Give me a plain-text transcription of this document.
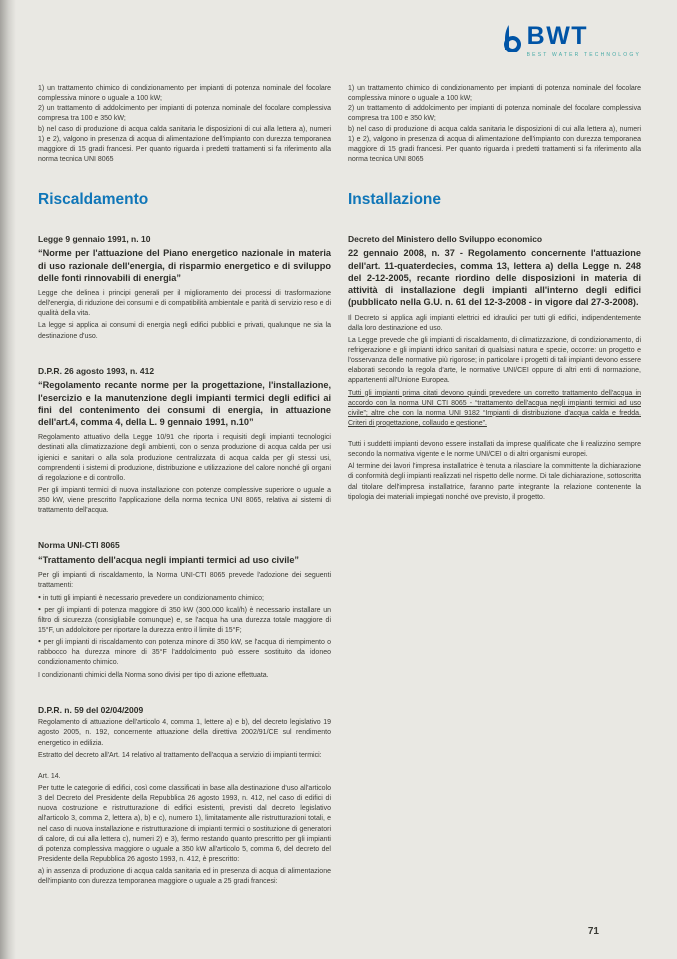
BWT
BEST WATER TECHNOLOGY

1) un trattamento chimico di condizionamento per impianti di potenza nominale del focolare complessiva minore o uguale a 100 kW;

2) un trattamento di addolcimento per impianti di potenza nominale del focolare complessiva compresa tra 100 e 350 kW;

b) nel caso di produzione di acqua calda sanitaria le disposizioni di cui alla lettera a), numeri 1) e 2), valgono in presenza di acqua di alimentazione dell'impianto con durezza temporanea maggiore di 15 gradi francesi. Per quanto riguarda i predetti trattamenti si fa riferimento alla norma tecnica UNI 8065

Riscaldamento
Legge 9 gennaio 1991, n. 10

“Norme per l'attuazione del Piano energetico nazionale in materia di uso razionale dell'energia, di risparmio energetico e di sviluppo delle fonti rinnovabili di energia”

Legge che delinea i principi generali per il miglioramento dei processi di trasformazione dell'energia, di riduzione dei consumi e di compatibilità ambientale e parità di servizio reso e di qualità della vita.

La legge si applica ai consumi di energia negli edifici pubblici e privati, qualunque ne sia la destinazione d'uso.

D.P.R. 26 agosto 1993, n. 412

“Regolamento recante norme per la progettazione, l'installazione, l'esercizio e la manutenzione degli impianti termici degli edifici ai fini del contenimento dei consumi di energia, in attuazione dell'art.4, comma 4, della L. 9 gennaio 1991, n.10”

Regolamento attuativo della Legge 10/91 che riporta i requisiti degli impianti tecnologici destinati alla climatizzazione degli ambienti, con o senza produzione di acqua calda per usi igienici e sanitari o alla sola produzione centralizzata di acqua calda per gli stessi usi, comprendenti i sistemi di produzione, distribuzione e utilizzazione del calore nonché gli organi di regolazione e di controllo.

Per gli impianti termici di nuova installazione con potenze complessive superiore o uguale a 350 kW, viene prescritto l'applicazione della norma tecnica UNI 8065, relativa ai sistemi di trattamento dell'acqua.

Norma UNI-CTI 8065

“Trattamento dell'acqua negli impianti termici ad uso civile”

Per gli impianti di riscaldamento, la Norma UNI-CTI 8065 prevede l'adozione dei seguenti trattamenti:

● in tutti gli impianti è necessario prevedere un condizionamento chimico;

● per gli impianti di potenza maggiore di 350 kW (300.000 kcal/h) è necessario installare un filtro di sicurezza (consigliabile comunque) e, se l'acqua ha una durezza totale maggiore di 15°F, un addolcitore per riportare la durezza entro il limite di 15°F;

● per gli impianti di riscaldamento con potenza minore di 350 kW, se l'acqua di riempimento o rabbocco ha durezza minore di 35°F l'addolcimento può essere sostituito da idoneo condizionamento chimico.

I condizionanti chimici della Norma sono divisi per tipo di azione effettuata.

D.P.R. n. 59 del 02/04/2009

Regolamento di attuazione dell'articolo 4, comma 1, lettere a) e b), del decreto legislativo 19 agosto 2005, n. 192, concernente attuazione della direttiva 2002/91/CE sul rendimento energetico in edilizia.

Estratto del decreto all'Art. 14 relativo al trattamento dell'acqua a servizio di impianti termici:

Art. 14.

Per tutte le categorie di edifici, così come classificati in base alla destinazione d'uso all'articolo 3 del Decreto del Presidente della Repubblica 26 agosto 1993, n. 412, nel caso di edifici di nuova costruzione e ristrutturazione di edifici esistenti, previsti dal decreto legislativo all'articolo 3, comma 2, lettera a), b) e c), numero 1), limitatamente alle ristrutturazioni totali, e nel caso di nuova installazione e ristrutturazione di impianti termici o sostituzione di generatori di calore, di cui alla lettera c), numeri 2) e 3), fermo restando quanto prescritto per gli impianti di potenza complessiva maggiore o uguale a 350 kW all'articolo 5, comma 6, del decreto del Presidente della Repubblica 26 agosto 1993, n. 412, è prescritto:

a) in assenza di produzione di acqua calda sanitaria ed in presenza di acqua di alimentazione dell'impianto con durezza temporanea maggiore o uguale a 25 gradi francesi:

1) un trattamento chimico di condizionamento per impianti di potenza nominale del focolare complessiva minore o uguale a 100 kW;

2) un trattamento di addolcimento per impianti di potenza nominale del focolare complessiva compresa tra 100 e 350 kW;

b) nel caso di produzione di acqua calda sanitaria le disposizioni di cui alla lettera a), numeri 1) e 2), valgono in presenza di acqua di alimentazione dell'impianto con durezza temporanea maggiore di 15 gradi francesi. Per quanto riguarda i predetti trattamenti si fa riferimento alla norma tecnica UNI 8065

Installazione
Decreto del Ministero dello Sviluppo economico

22 gennaio 2008, n. 37 - Regolamento concernente l'attuazione dell'art. 11-quaterdecies, comma 13, lettera a) della Legge n. 248 del 2-12-2005, recante riordino delle disposizioni in materia di attività di installazione degli impianti all'interno degli edifici (pubblicato nella G.U. n. 61 del 12-3-2008 - in vigore dal 27-3-2008).

Il Decreto si applica agli impianti elettrici ed idraulici per tutti gli edifici, indipendentemente dalla loro destinazione ed uso.

La Legge prevede che gli impianti di riscaldamento, di climatizzazione, di condizionamento, di refrigerazione e gli impianti idrico sanitari di qualsiasi natura e specie, occorre: un progetto e l'osservanza delle normative più rigorose; in particolare i progetti di tali impianti devono essere elaborati secondo la regola d'arte, le normative UNI/CEI oppure di altri enti di normazione, appartenenti all'Unione Europea.

Tutti gli impianti prima citati devono quindi prevedere un corretto trattamento dell'acqua in accordo con la norma UNI CTI 8065 - “trattamento dell'acqua negli impianti termici ad uso civile”; altre che con la norma UNI 9182 “Impianti di distribuzione d'acqua calda e fredda. Criteri di progettazione, collaudo e gestione”.

Tutti i suddetti impianti devono essere installati da imprese qualificate che li realizzino sempre secondo la normativa vigente e le norme UNI/CEI o di altri organismi europei.

Al termine dei lavori l'impresa installatrice è tenuta a rilasciare la committente la dichiarazione di conformità degli impianti realizzati nel rispetto delle norme. Di tale dichiarazione, sottoscritta dal titolare dell'impresa installatrice, faranno parte integrante la relazione contenente la tipologia dei materiali impiegati nonché ove previsto, il progetto.

71
